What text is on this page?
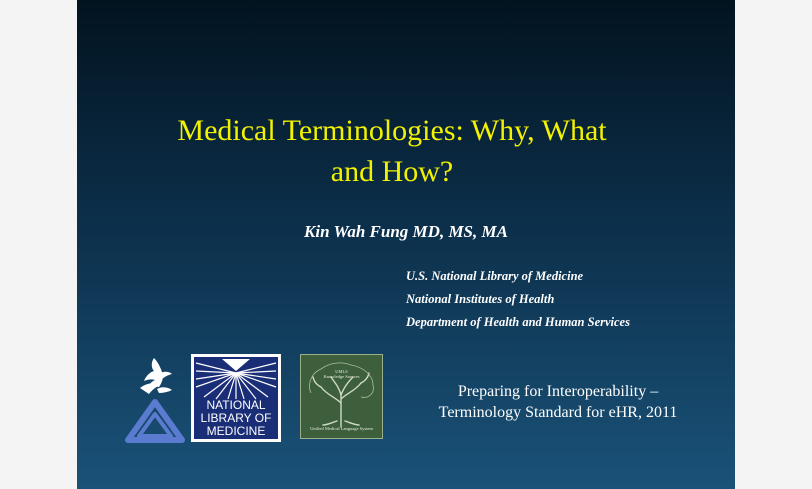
Medical Terminologies: Why, What
and How?
Kin Wah Fung MD, MS, MA
U.S. National Library of Medicine
National Institutes of Health
Department of Health and Human Services
Preparing for Interoperability –
Terminology Standard for eHR, 2011
NATIONAL
LIBRARY OF
MEDICINE
UMLS
Knowledge Sources
Unified Medical Language System
